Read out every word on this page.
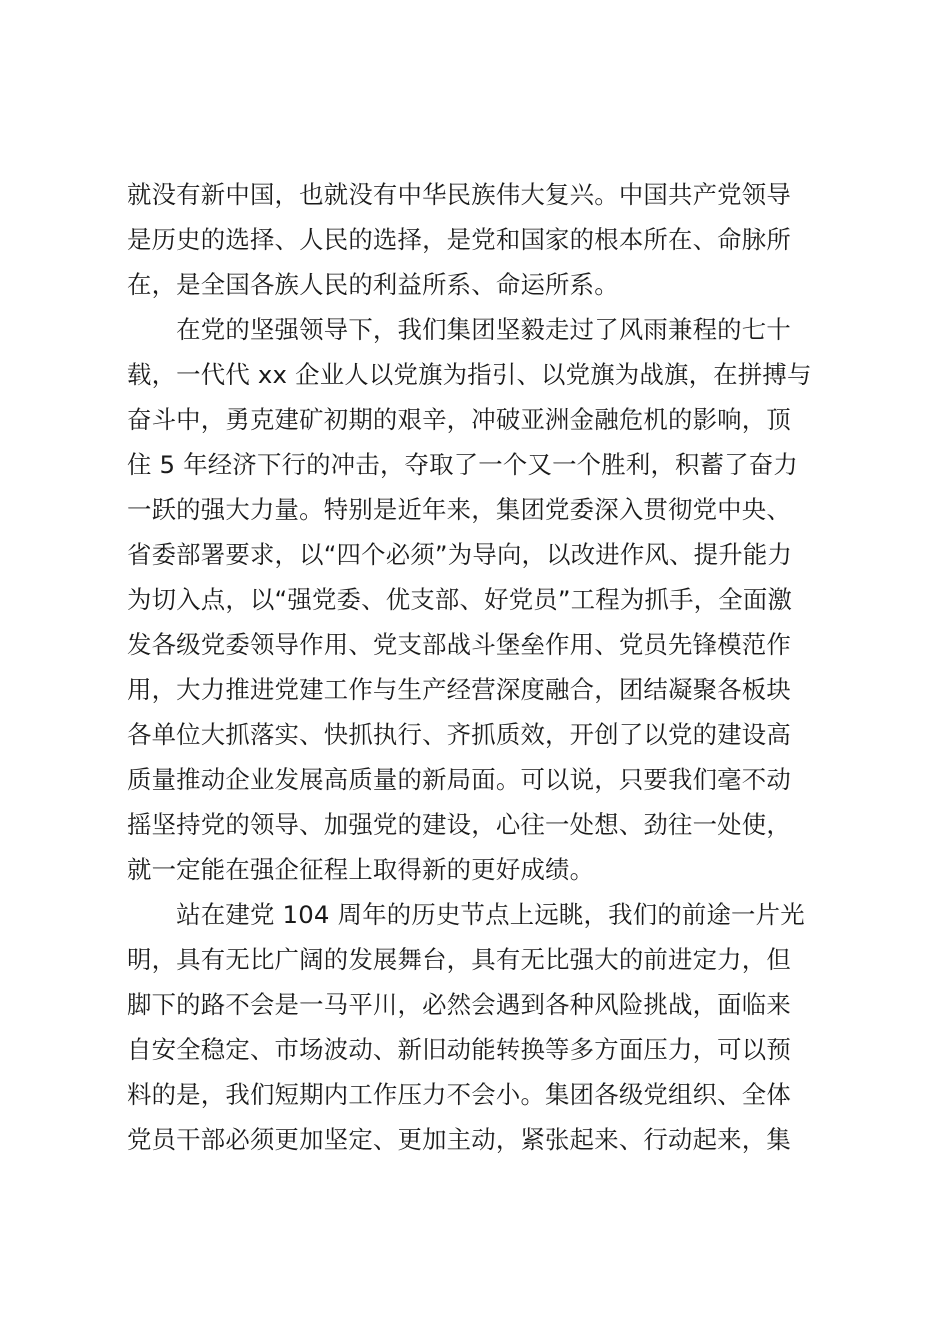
就没有新中国，也就没有中华民族伟大复兴。中国共产党领导
是历史的选择、人民的选择，是党和国家的根本所在、命脉所
在，是全国各族人民的利益所系、命运所系。
　　在党的坚强领导下，我们集团坚毅走过了风雨兼程的七十
载，一代代 xx 企业人以党旗为指引、以党旗为战旗，在拼搏与
奋斗中，勇克建矿初期的艰辛，冲破亚洲金融危机的影响，顶
住 5 年经济下行的冲击，夺取了一个又一个胜利，积蓄了奋力
一跃的强大力量。特别是近年来，集团党委深入贯彻党中央、
省委部署要求，以“四个必须”为导向，以改进作风、提升能力
为切入点，以“强党委、优支部、好党员”工程为抓手，全面激
发各级党委领导作用、党支部战斗堡垒作用、党员先锋模范作
用，大力推进党建工作与生产经营深度融合，团结凝聚各板块
各单位大抓落实、快抓执行、齐抓质效，开创了以党的建设高
质量推动企业发展高质量的新局面。可以说，只要我们毫不动
摇坚持党的领导、加强党的建设，心往一处想、劲往一处使，
就一定能在强企征程上取得新的更好成绩。
　　站在建党 104 周年的历史节点上远眺，我们的前途一片光
明，具有无比广阔的发展舞台，具有无比强大的前进定力，但
脚下的路不会是一马平川，必然会遇到各种风险挑战，面临来
自安全稳定、市场波动、新旧动能转换等多方面压力，可以预
料的是，我们短期内工作压力不会小。集团各级党组织、全体
党员干部必须更加坚定、更加主动，紧张起来、行动起来，集
